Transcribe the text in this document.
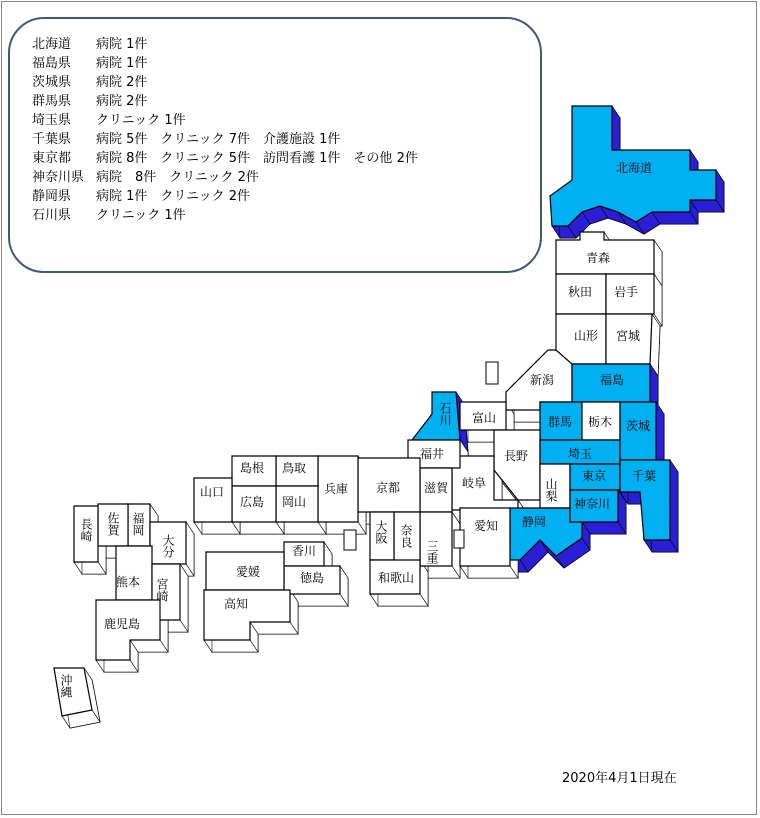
北海道 病院 1件
福島県 病院 1件
茨城県 病院 2件
群馬県 病院 2件
埼玉県 クリニック 1件
千葉県 病院 5件　クリニック 7件　介護施設 1件
東京都 病院 8件　クリニック 5件　訪問看護 1件　その他 2件
神奈川県 病院　8件　クリニック 2件
静岡県 病院 1件　クリニック 2件
石川県 クリニック 1件
北海道
青森
秋田 岩手
山形 宮城
新潟	福島
富山	群馬 栃木 茨城
長野
福井	埼玉
東京 千葉
神奈川
静岡
愛知
岐阜
滋賀
京都
兵庫
鳥取
島根
岡山
広島
山口
香川
徳島
愛媛
高知
和歌山
熊本
鹿児島
石川
山梨
大阪 奈良
三重
佐賀 福岡
長崎
大分
宮崎
沖縄
2020年4月1日現在
